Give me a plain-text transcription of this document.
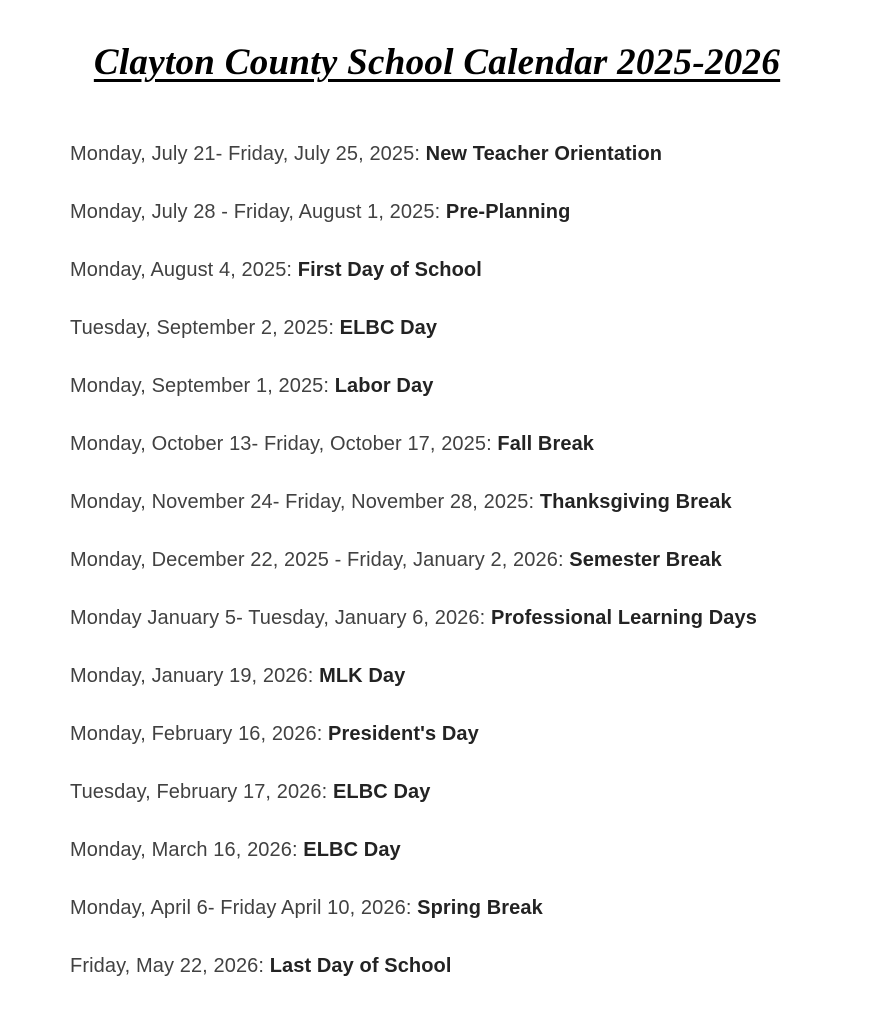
Clayton County School Calendar 2025-2026

Monday, July 21- Friday, July 25, 2025: New Teacher Orientation

Monday, July 28 - Friday, August 1, 2025: Pre-Planning

Monday, August 4, 2025: First Day of School

Tuesday, September 2, 2025: ELBC Day

Monday, September 1, 2025: Labor Day

Monday, October 13- Friday, October 17, 2025: Fall Break

Monday, November 24- Friday, November 28, 2025: Thanksgiving Break

Monday, December 22, 2025 - Friday, January 2, 2026: Semester Break

Monday January 5- Tuesday, January 6, 2026: Professional Learning Days

Monday, January 19, 2026: MLK Day

Monday, February 16, 2026: President's Day

Tuesday, February 17, 2026: ELBC Day

Monday, March 16, 2026: ELBC Day

Monday, April 6- Friday April 10, 2026: Spring Break

Friday, May 22, 2026: Last Day of School
